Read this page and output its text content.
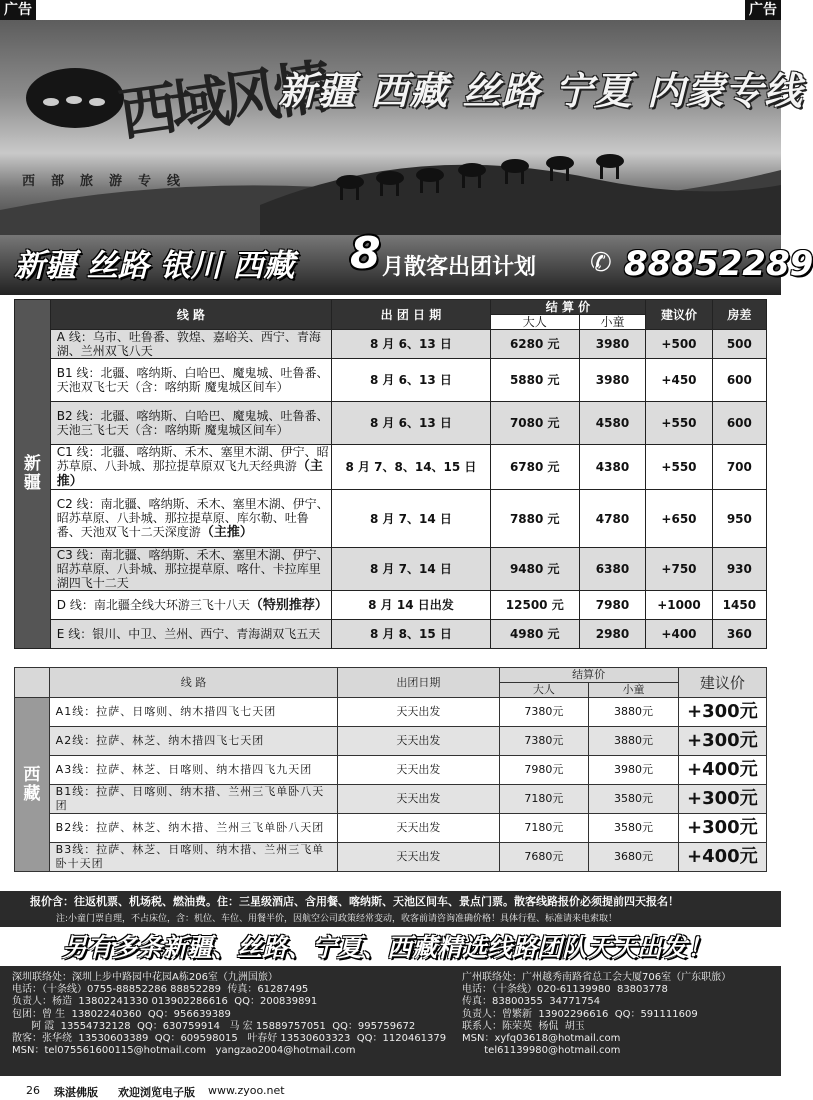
广告	广告
西域风情
西部旅游专线
新疆 西藏 丝路 宁夏 内蒙专线
新疆 丝路 银川 西藏 8 月散客出团计划 ✆ 88852289
新疆	线 路	出 团 日 期	结 算 价		建议价	房差
			大人	小童		
	A 线：乌市、吐鲁番、敦煌、嘉峪关、西宁、青海湖、兰州双飞八天	8 月 6、13 日	6280 元	3980	+500	500
	B1 线：北疆、喀纳斯、白哈巴、魔鬼城、吐鲁番、天池双飞七天（含：喀纳斯 魔鬼城区间车）	8 月 6、13 日	5880 元	3980	+450	600
	B2 线：北疆、喀纳斯、白哈巴、魔鬼城、吐鲁番、天池三飞七天（含：喀纳斯 魔鬼城区间车）	8 月 6、13 日	7080 元	4580	+550	600
	C1 线：北疆、喀纳斯、禾木、塞里木湖、伊宁、昭苏草原、八卦城、那拉提草原双飞九天经典游（主推）	8 月 7、8、14、15 日	6780 元	4380	+550	700
	C2 线：南北疆、喀纳斯、禾木、塞里木湖、伊宁、昭苏草原、八卦城、那拉提草原、库尔勒、吐鲁番、天池双飞十二天深度游（主推）	8 月 7、14 日	7880 元	4780	+650	950
	C3 线：南北疆、喀纳斯、禾木、塞里木湖、伊宁、昭苏草原、八卦城、那拉提草原、喀什、卡拉库里湖四飞十二天	8 月 7、14 日	9480 元	6380	+750	930
	D 线：南北疆全线大环游三飞十八天（特别推荐）	8 月 14 日出发	12500 元	7980	+1000	1450
	E 线：银川、中卫、兰州、西宁、青海湖双飞五天	8 月 8、15 日	4980 元	2980	+400	360
	线 路	出团日期	结算价		建议价
			大人	小童	
西藏	A1线：拉萨、日喀则、纳木措四飞七天团	天天出发	7380元	3880元	+300元
	A2线：拉萨、林芝、纳木措四飞七天团	天天出发	7380元	3880元	+300元
	A3线：拉萨、林芝、日喀则、纳木措四飞九天团	天天出发	7980元	3980元	+400元
	B1线：拉萨、日喀则、纳木措、兰州三飞单卧八天团	天天出发	7180元	3580元	+300元
	B2线：拉萨、林芝、纳木措、兰州三飞单卧八天团	天天出发	7180元	3580元	+300元
	B3线：拉萨、林芝、日喀则、纳木措、兰州三飞单卧十天团	天天出发	7680元	3680元	+400元
报价含：往返机票、机场税、燃油费。住：三星级酒店、含用餐、喀纳斯、天池区间车、景点门票。散客线路报价必须提前四天报名！
注:小童门票自理，不占床位，含：机位、车位、用餐半价，因航空公司政策经常变动，收客前请咨询准确价格！具体行程、标准请来电索取！
另有多条新疆、丝路、宁夏、西藏精选线路团队天天出发！
深圳联络处：深圳上步中路园中花园A栋206室（九洲国旅）
电话：（十条线）0755-88852286 88852289  传真：61287495
负责人：杨造  13802241330 013902286616  QQ：200839891
包团：曾 生  13802240360  QQ：956639389
阿 霞  13554732128  QQ：630759914   马 宏 15889757051  QQ：995759672
散客：张华绕  13530603389  QQ：609598015   叶春好 13530603323  QQ：1120461379
MSN：tel075561600115@hotmail.com   yangzao2004@hotmail.com
广州联络处：广州越秀南路省总工会大厦706室（广东职旅）
电话：（十条线）020-61139980  83803778
传真：83800355  34771754
负责人：曾繁新  13902296616  QQ：591111609
联系人：陈荣英  杨侃  胡玉
MSN：xyfq03618@hotmail.com
tel61139980@hotmail.com
26 珠湛佛版 欢迎浏览电子版 www.zyoo.net
